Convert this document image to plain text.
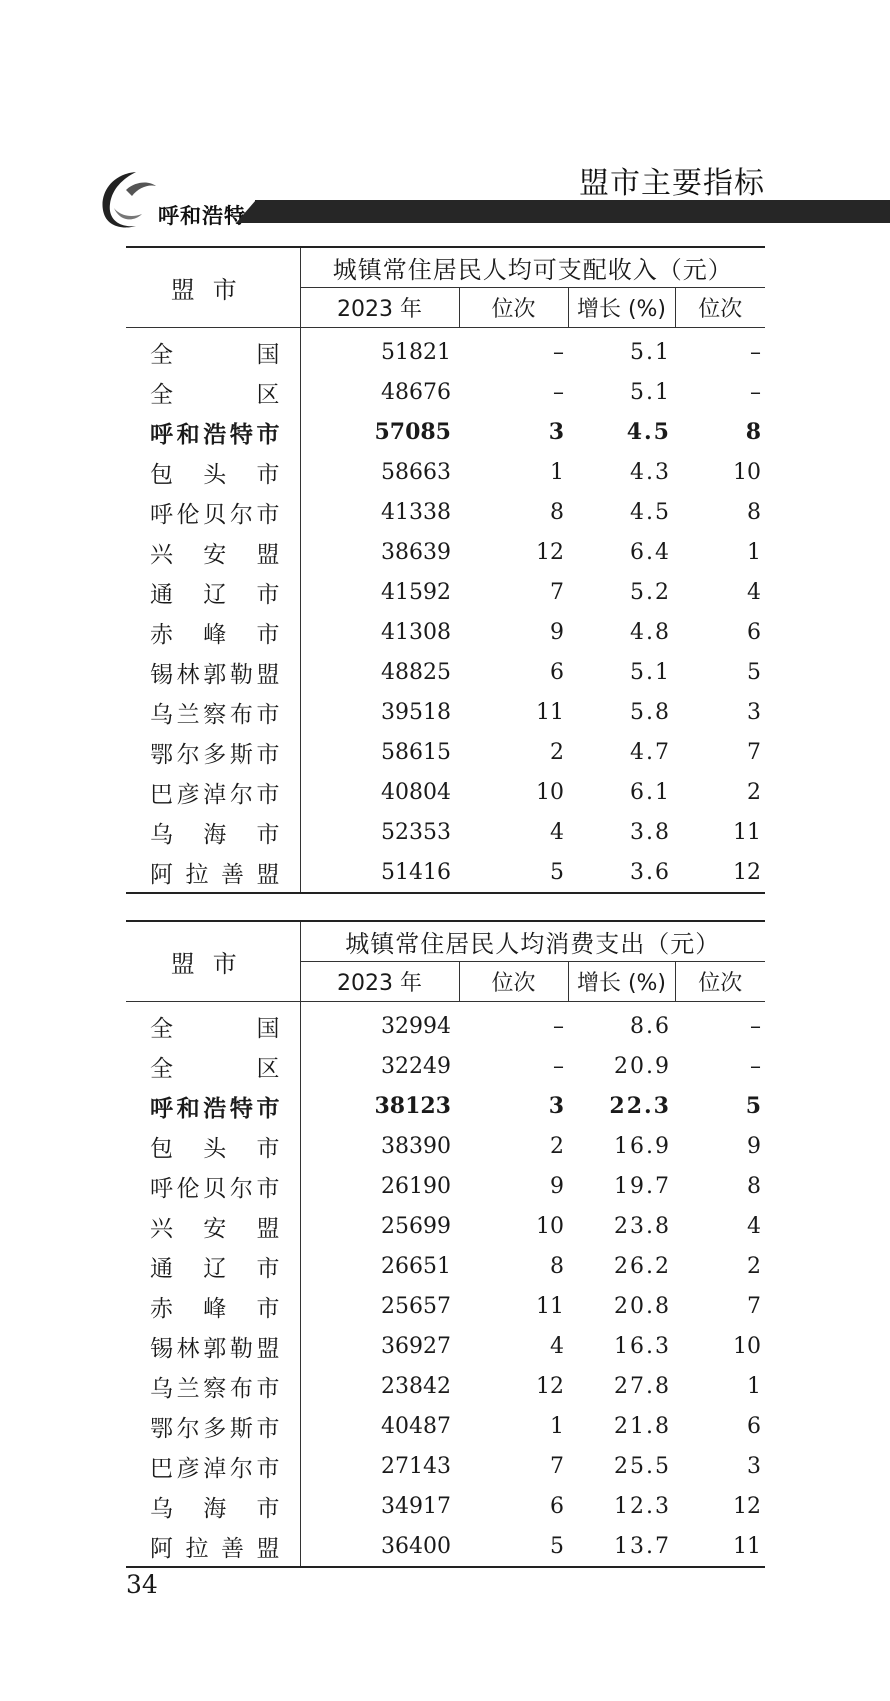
呼和浩特
盟市主要指标
盟市	城镇常住居民人均可支配收入（元）			
	2023 年	位次	增长 (%)	位次
全国	51821	–	5.1	–
全区	48676	–	5.1	–
呼和浩特市	57085	3	4.5	8
包头市	58663	1	4.3	10
呼伦贝尔市	41338	8	4.5	8
兴安盟	38639	12	6.4	1
通辽市	41592	7	5.2	4
赤峰市	41308	9	4.8	6
锡林郭勒盟	48825	6	5.1	5
乌兰察布市	39518	11	5.8	3
鄂尔多斯市	58615	2	4.7	7
巴彦淖尔市	40804	10	6.1	2
乌海市	52353	4	3.8	11
阿拉善盟	51416	5	3.6	12
盟市	城镇常住居民人均消费支出（元）			
	2023 年	位次	增长 (%)	位次
全国	32994	–	8.6	–
全区	32249	–	20.9	–
呼和浩特市	38123	3	22.3	5
包头市	38390	2	16.9	9
呼伦贝尔市	26190	9	19.7	8
兴安盟	25699	10	23.8	4
通辽市	26651	8	26.2	2
赤峰市	25657	11	20.8	7
锡林郭勒盟	36927	4	16.3	10
乌兰察布市	23842	12	27.8	1
鄂尔多斯市	40487	1	21.8	6
巴彦淖尔市	27143	7	25.5	3
乌海市	34917	6	12.3	12
阿拉善盟	36400	5	13.7	11
34
